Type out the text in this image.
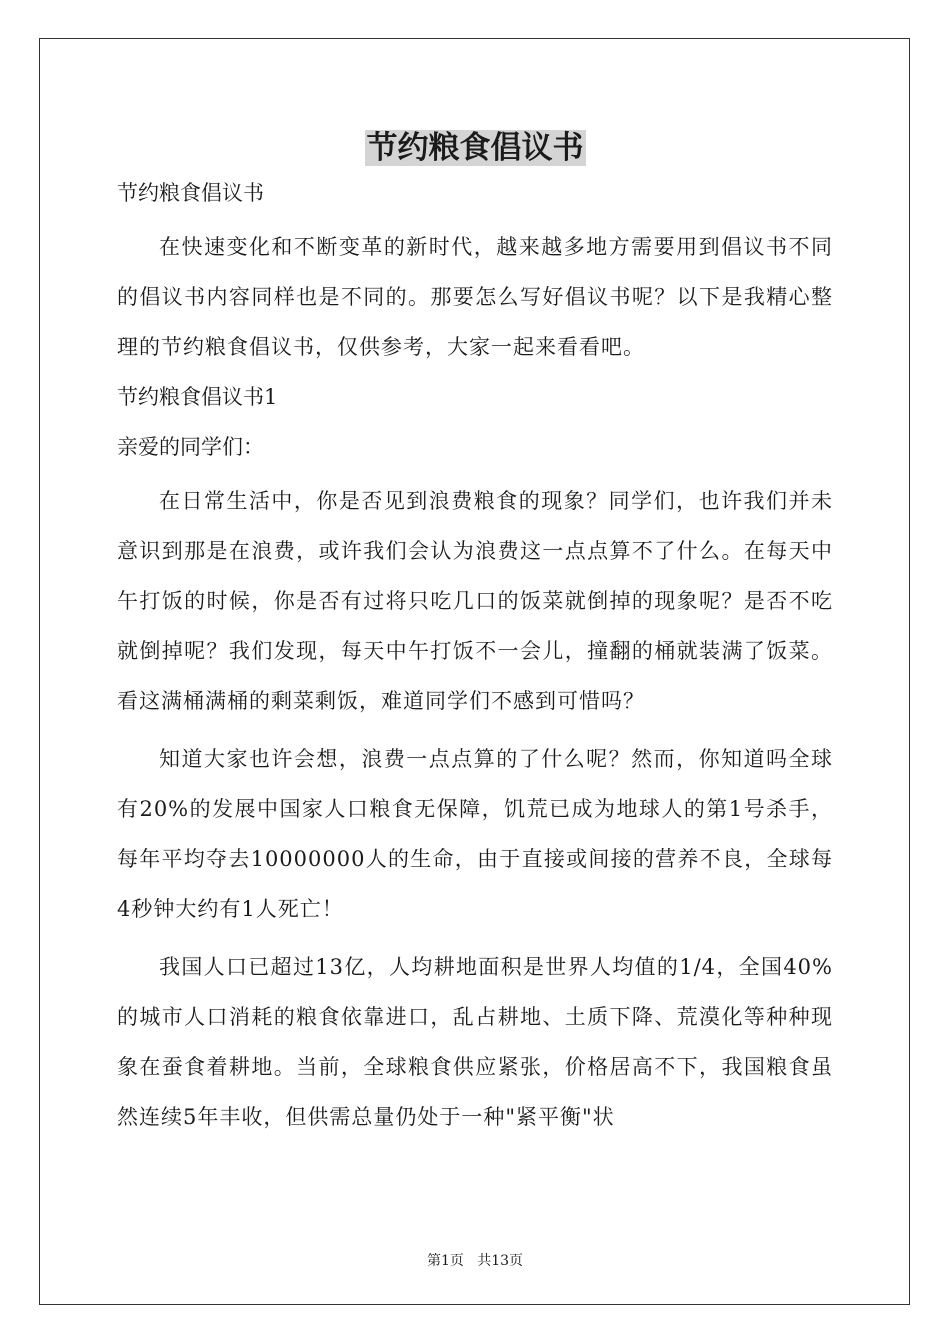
节约粮食倡议书
节约粮食倡议书

在快速变化和不断变革的新时代，越来越多地方需要用到倡议书不同的倡议书内容同样也是不同的。那要怎么写好倡议书呢？以下是我精心整理的节约粮食倡议书，仅供参考，大家一起来看看吧。

节约粮食倡议书1
亲爱的同学们：

在日常生活中，你是否见到浪费粮食的现象？同学们，也许我们并未意识到那是在浪费，或许我们会认为浪费这一点点算不了什么。在每天中午打饭的时候，你是否有过将只吃几口的饭菜就倒掉的现象呢？是否不吃就倒掉呢？我们发现，每天中午打饭不一会儿，撞翻的桶就装满了饭菜。看这满桶满桶的剩菜剩饭，难道同学们不感到可惜吗？

知道大家也许会想，浪费一点点算的了什么呢？然而，你知道吗全球有20%的发展中国家人口粮食无保障，饥荒已成为地球人的第1号杀手，每年平均夺去10000000人的生命，由于直接或间接的营养不良，全球每4秒钟大约有1人死亡！

我国人口已超过13亿，人均耕地面积是世界人均值的1/4，全国40%的城市人口消耗的粮食依靠进口，乱占耕地、土质下降、荒漠化等种种现象在蚕食着耕地。当前，全球粮食供应紧张，价格居高不下，我国粮食虽然连续5年丰收，但供需总量仍处于一种"紧平衡"状

第1页   共13页
